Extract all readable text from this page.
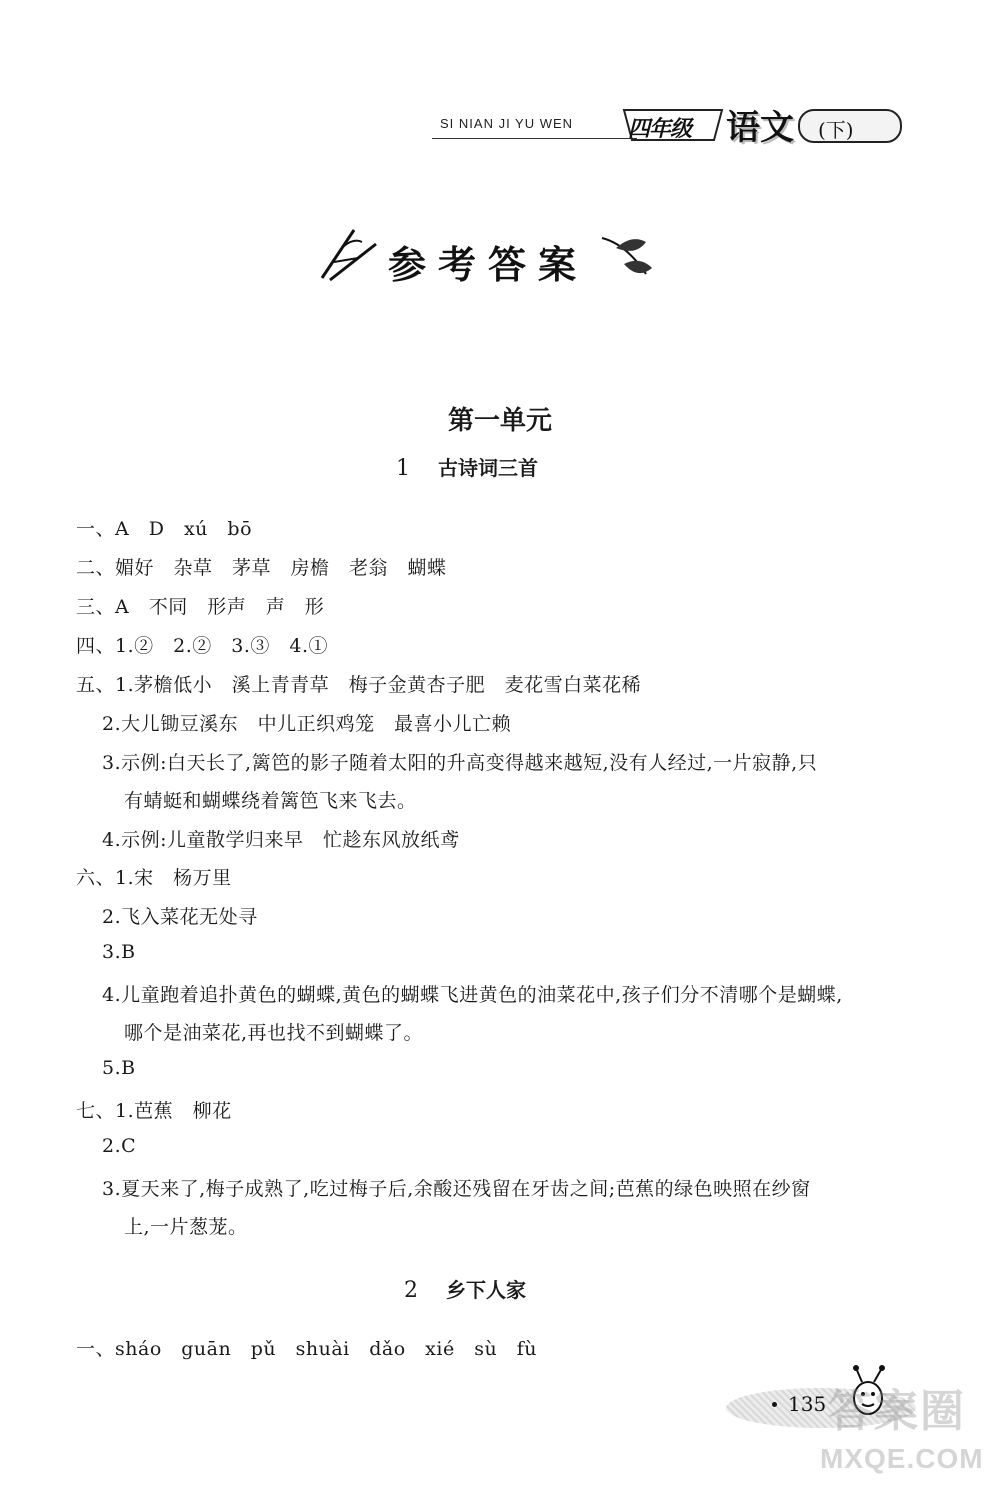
SI NIAN JI YU WEN 四年级 语文 (下)
参考答案
第一单元
1 古诗词三首
一、A　D　xú　bō
二、媚好　杂草　茅草　房檐　老翁　蝴蝶
三、A　不同　形声　声　形
四、1.②　2.②　3.③　4.①
五、1.茅檐低小　溪上青青草　梅子金黄杏子肥　麦花雪白菜花稀
2.大儿锄豆溪东　中儿正织鸡笼　最喜小儿亡赖
3.示例:白天长了,篱笆的影子随着太阳的升高变得越来越短,没有人经过,一片寂静,只
有蜻蜓和蝴蝶绕着篱笆飞来飞去。
4.示例:儿童散学归来早　忙趁东风放纸鸢
六、1.宋　杨万里
2.飞入菜花无处寻
3.B
4.儿童跑着追扑黄色的蝴蝶,黄色的蝴蝶飞进黄色的油菜花中,孩子们分不清哪个是蝴蝶,
哪个是油菜花,再也找不到蝴蝶了。
5.B
七、1.芭蕉　柳花
2.C
3.夏天来了,梅子成熟了,吃过梅子后,余酸还残留在牙齿之间;芭蕉的绿色映照在纱窗
上,一片葱茏。
2 乡下人家
一、sháo　guān　pǔ　shuài　dǎo　xié　sù　fù
135 答案圈
MXQE.COM
